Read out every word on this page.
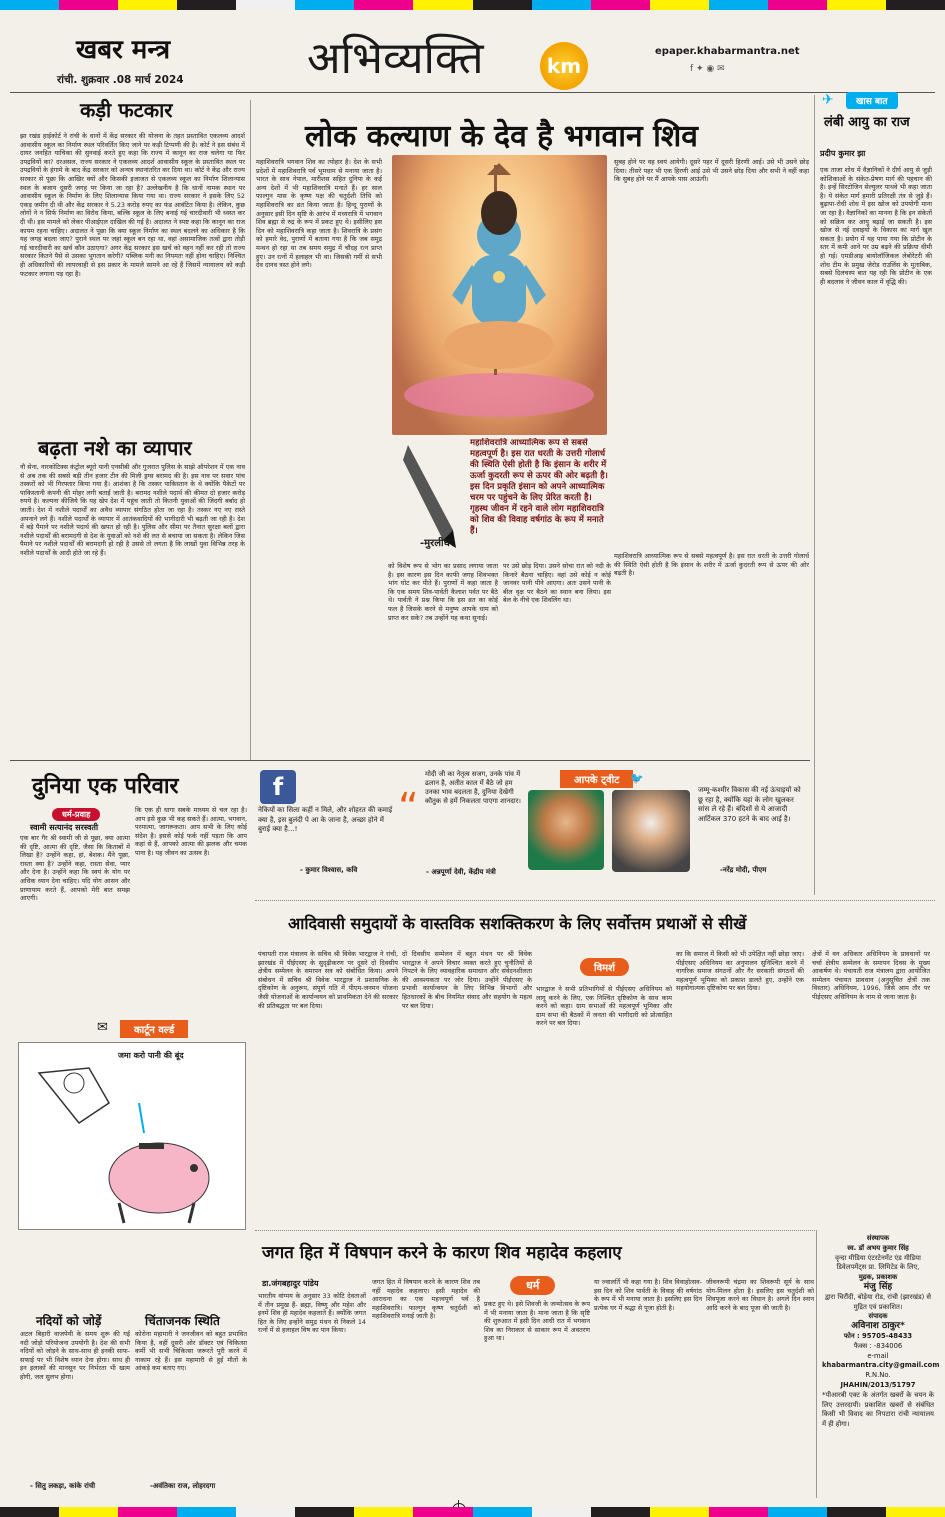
खबर मन्त्र
रांची. शुक्रवार .08 मार्च 2024	अभिव्यक्ति	km
epaper.khabarmantra.net
f ✦ ◉ ✉
कड़ी फटकार
झा रखंड हाईकोर्ट ने रांची के धानों में केंद्र सरकार की योजना के तहत प्रस्तावित एकलव्य आदर्श आवासीय स्कूल का निर्माण स्थल परिवर्तित किए जाने पर कड़ी टिप्पणी की है। कोर्ट ने इस संबंध में दायर जनहित याचिका की सुनवाई करते हुए कहा कि राज्य में कानून का राज चलेगा या फिर उपद्रवियों का? दरअसल, राज्य सरकार ने एकलव्य आदर्श आवासीय स्कूल के प्रस्तावित स्थल पर उपद्रवियों के हंगामे के बाद केंद्र सरकार को अन्यत्र स्थानांतरित कर दिया था। कोर्ट ने केंद्र और राज्य सरकार से पूछा कि आखिर क्यों और किसकी इजाजत से एकलव्य स्कूल का निर्माण शिलान्यास स्थल के बजाय दूसरी जगह पर किया जा रहा है? उल्लेखनीय है कि धानों नामक स्थान पर आवासीय स्कूल के निर्माण के लिए शिलान्यास किया गया था। राज्य सरकार ने इसके लिए 52 एकड़ जमीन दी थी और केंद्र सरकार ने 5.23 करोड़ रुपए का फंड आवंटित किया है। लेकिन, कुछ लोगों ने न सिर्फ निर्माण का विरोध किया, बल्कि स्कूल के लिए बनाई गई चारदीवारी भी ध्वस्त कर दी थी। इस मामले को लेकर पीआईएल दाखिल की गई है। अदालत ने स्पष्ट कहा कि कानून का राज कायम रहना चाहिए। अदालत ने पूछा कि क्या स्कूल निर्माण का स्थल बदलने का अधिकार है कि यह जगह बदला जाए? पुराने स्थल पर जहां स्कूल बन रहा था, वहां असामाजिक तत्वों द्वारा तोड़ी गई चारदीवारी का खर्च कौन उठाएगा? अगर केंद्र सरकार इस खर्च को वहन नहीं कर रही तो राज्य सरकार कितने पैसे से उसका भुगतान करेगी? पब्लिक मनी का नियमतः नहीं होना चाहिए। निश्चित ही अधिकारियों की लापरवाही से इस प्रकार के मामले सामने आ रहे हैं जिसमें न्यायालय को कड़ी फटकार लगाना पड़ रहा है।
बढ़ता नशे का व्यापार
नौ सेना, नारकोटिक्स कंट्रोल ब्यूरो यानी एनसीबी और गुजरात पुलिस के साझे ऑपरेशन में एक नाव से अब तक की सबसे बड़ी तीन हजार टीन की मिली ड्रग्स बरामद की है। इस नाव पर सवार पांच तस्करों को भी गिरफ्तार किया गया है। आशंका है कि तस्कर पाकिस्तान के थे क्योंकि पैकेटों पर पाकिस्तानी कंपनी की मोहर लगी बताई जाती है। बरामद नशीले पदार्थ की कीमत दो हजार करोड़ रुपये है। कल्पना कीजिये कि यह खेप देश में पहुंच जाती तो कितनी युवाओं की जिंदगी बर्बाद हो जाती। देश में नशीले पदार्थों का अवैध व्यापार संगठित होता जा रहा है। तस्कर नए नए रास्ते अपनाने लगे हैं। नशीले पदार्थों के व्यापार में आतंकवादियों की भागीदारी भी बढ़ती जा रही है। देश में बड़े पैमाने पर नशीले पदार्थ की खपत हो रही है। पुलिस और सीमा पर तैनात सुरक्षा बलों द्वारा नशीले पदार्थों की बरामदगी से देश के युवाओं को नशे की लत से बचाया जा सकता है। लेकिन जिस पैमाने पर नशीले पदार्थों की बरामदगी हो रही है उससे तो लगता है कि लाखों युवा विभिन्न तरह के नशीले पदार्थों के आदी होते जा रहे हैं।
लोक कल्याण के देव है भगवान शिव
महाशिवरात्रि भगवान शिव का त्योहार है। देश के सभी प्रदेशों में महाशिवरात्रि पर्व भूमधाम से मनाया जाता है। भारत के साथ नेपाल, मारीशस सहित दुनिया के कई अन्य देशों में भी महाशिवरात्रि मनाते हैं। हर साल फाल्गुन मास के कृष्ण पक्ष की चतुर्दशी तिथि को महाशिवरात्रि का व्रत किया जाता है। हिन्दू पुराणों के अनुसार इसी दिन सृष्टि के आरंभ में मध्यरात्रि में भगवान शिव ब्रह्मा से रुद्र के रूप में प्रकट हुए थे। इसीलिए इस दिन को महाशिवरात्रि कहा जाता है। शिवरात्रि के प्रसंग को हमारे वेद, पुराणों में बताया गया है कि जब समुद्र मन्थन हो रहा था तब समय समुद्र में चौदह रत्न प्राप्त हुए। उन रत्नों में हलाहल भी था। जिसकी गर्मी से सभी देव दानव त्रस्त होने लगे।
सुबह होने पर वह स्वयं आयेगी। दूसरे पहर में दूसरी हिरणी आई। उसे भी उसने छोड़ दिया। तीसरे पहर भी एक हिरणी आई उसे भी उसने छोड़ दिया और सभी ने वहीं कहा कि सुबह होने पर मैं आपके पास आऊंगी।
महाशिवरात्रि आध्यात्मिक रूप से सबसे महत्वपूर्ण है। इस रात धरती के उत्तरी गोलार्ध की स्थिति ऐसी होती है कि इंसान के शरीर में ऊर्जा कुदरती रूप से ऊपर की ओर बढ़ती है।
महाशिवरात्रि आध्यात्मिक रूप से सबसे महत्वपूर्ण है। इस रात धरती के उत्तरी गोलार्ध की स्थिति ऐसी होती है कि इंसान के शरीर में ऊर्जा कुदरती रूप से ऊपर की ओर बढ़ती है। इस दिन प्रकृति इंसान को अपने आध्यात्मिक चरम पर पहुंचने के लिए प्रेरित करती है। गृहस्थ जीवन में रहने वाले लोग महाशिवरात्रि को शिव की विवाह वर्षगांठ के रूप में मनाते हैं।
-मुरलीधर
को विशेष रूप से भोग का प्रसाद लगाया जाता है। इस कारण इस दिन काफी जगह शिवभक्त भांग घोट कर पीते हैं। पुराणों में कहा जाता है कि एक समय शिव-पार्वती कैलाश पर्वत पर बैठे थे। पार्वती ने प्रश्न किया कि इस व्रत का कोई फल है जिसके करने से मनुष्य आपके धाम को प्राप्त कर सके? तब उन्होंने यह कथा सुनाई।
पर उसे छोड़ दिया। उसने सोचा रात को नदी के किनारे बैठना चाहिए। वहां उसे कोई न कोई जानवर पानी पीने आएगा। अतः उसने पानी के बील वृक्ष पर बैठने का स्थान बना लिया। इस बेल के नीचे एक शिवलिंग था।
✈	खास बात
लंबी आयु का राज
प्रदीप कुमार झा
एक ताजा शोध में वैज्ञानिकों ने दीर्घ आयु से जुड़ी कोशिकाओं के संकेत-प्रेषण मार्ग की पहचान की है। इन्हें सिरटोजिन सेल्युलर पाथवे भी कहा जाता है। ये संकेत मार्ग हमारी प्रतिरक्षी तंत्र से जुड़े हैं। बुढ़ापा-रोधी शोध में इस खोज को उपयोगी माना जा रहा है। वैज्ञानिकों का मानना है कि इन संकेतों को सक्रिय कर आयु बढ़ाई जा सकती है। इस खोज से नई दवाइयों के विकास का मार्ग खुल सकता है। प्रयोग में यह पाया गया कि प्रोटीन के स्तर में कमी आने पर उम्र बढ़ने की प्रक्रिया धीमी हो गई। एमडीआइ बायोलॉजिकल लेबोरेटरी की शोध टीम के प्रमुख जेरोड राउलिंस के मुताबिक, सबसे दिलचस्प बात यह रही कि प्रोटीन के एक ही बदलाव ने जीवन काल में वृद्धि की।
दुनिया एक परिवार
धर्म-प्रवाह
स्वामी सत्यानंद सरस्वती
एक बार गैर श्री स्वामी जी से पूछा, क्या आत्मा की दृष्टि, आत्मा की दृष्टि, जैसा कि किताबों में लिखा है? उन्होंने कहा, हां, बेशक। मैंने पूछा, रास्ता क्या है? उन्होंने कहा, रास्ता सेवा, प्यार और देना है। उन्होंने कहा कि स्वयं के योग पर अधिक ध्यान देना चाहिए। यदि योग आसन और प्राणायाम करते हैं, आपको मेरी बात समझ आएगी।
कि एक ही धागा सबके माध्यम से चल रहा है। आप इसे कुछ भी कह सकते हैं। आत्मा, भगवान, परमात्मा, जागरूकता। आप सभी के लिए कोई संदेश है। इससे कोई फर्क नहीं पड़ता कि आप कहां से हैं, आपको आत्मा की झलक और चमक पाना है। यह जीवन का उत्सव है।
f
नेकियों का सिला कहीं न मिले, और शोहरत की कमाई क्या है, इस बुलंदी पे आ के जाना है, अच्छा होने में बुराई क्या है...!
- कुमार विश्वास, कवि
“
मोदी जी का नेतृत्व सजग, उनके पांव में ढलान है, अतीत काल में बैठे जो हम उनका भाव बदलता है, दुनिया देखेगी कौतुक से हमें निकलता पाएगा शानदार।
- अन्नपूर्णा देवी, केंद्रीय मंत्री
आपके ट्वीट
जम्मू-कश्मीर विकास की नई ऊंचाइयों को छू रहा है, क्योंकि यहां के लोग खुलकर सांस ले रहे हैं। बंदिशों से ये आजादी आर्टिकल 370 हटने के बाद आई है।
-नरेंद्र मोदी, पीएम
🐦
आदिवासी समुदायों के वास्तविक सशक्तिकरण के लिए सर्वोत्तम प्रथाओं से सीखें
पंचायती राज मंत्रालय के सचिव श्री विवेक भारद्वाज ने रांची, झारखंड में पीईएसए के सुदृढ़ीकरण पर दूसरे दो दिवसीय क्षेत्रीय सम्मेलन के समापन सत्र को संबोधित किया। अपने संबोधन में सचिव श्री विवेक भारद्वाज ने प्रशासनिक के दृष्टिकोण के अनुरूप, संपूर्ण गति में पीएम-जनमन योजना जैसी योजनाओं के कार्यान्वयन को प्राथमिकता देने की सरकार की प्रतिबद्धता पर बल दिया।
दो दिवसीय सम्मेलन में बहुत मंथन पर श्री विवेक भारद्वाज ने अपने विचार व्यक्त करते हुए चुनौतियों से निपटने के लिए व्यावहारिक समाधान और संवेदनशीलता की आवश्यकता पर जोर दिया। उन्होंने पीईएसए के प्रभावी कार्यान्वयन के लिए विभिन्न विभागों और हितधारकों के बीच नियमित संवाद और सहयोग के महत्व पर बल दिया।
विमर्श
भारद्वाज ने सभी प्रतिभागियों से पीईएसए अधिनियम को लागू करने के लिए, एक निश्चित दृष्टिकोण के साथ काम करने को कहा। ग्राम सभाओं की महत्वपूर्ण भूमिका और ग्राम सभा की बैठकों में जनता की भागीदारी को प्रोत्साहित करने पर बल दिया।
का कि समाज में किसी को भी उपेक्षित नहीं छोड़ा जाए। पीईएसए अधिनियम का अनुपालन सुनिश्चित करने में नागरिक समाज संगठनों और गैर सरकारी संगठनों की महत्वपूर्ण भूमिका को प्रकाश डालते हुए, उन्होंने एक सहयोगात्मक दृष्टिकोण पर बल दिया।
क्षेत्रों में वन अधिकार अधिनियम के प्रावधानों पर चर्चा क्षेत्रीय सम्मेलन के समापन दिवस के मुख्य आकर्षण थे। पंचायती राज मंत्रालय द्वारा आयोजित सम्मेलन पंचायत प्रावधान (अनुसूचित क्षेत्रों तक विस्तार) अधिनियम, 1996, जिसे आम तौर पर पीईएसए अधिनियम के नाम से जाना जाता है।
कार्टून वर्ल्ड
✉
जमा करो पानी की बूंद
नदियों को जोड़ें
अटल बिहारी वाजपेयी के समय शुरू की गई नदी जोड़ो परियोजना उपयोगी है। देश की सभी नदियों को जोड़ने के साथ-साथ ही इनकी साफ-सफाई पर भी विशेष ध्यान देना होगा। साथ ही इन इलाकों की मानसून पर निर्भरता भी खत्म होगी, जल सुलभ होगा।
- सितु लकड़ा, कांके रांची
चिंताजनक स्थिति
कोरोना महामारी ने जनजीवन को बहुत प्रभावित किया है, वहीं दुसरी ओर डॉक्टर एवं चिकित्सा कर्मी भी सभी चिकित्सा जरूरतें पूरी करने में नाकाम रहे हैं। इस महामारी से हुई मौतों के आंकड़े कम बताए गए।
-अवंतिका राज, लोहरदगा
जगत हित में विषपान करने के कारण शिव महादेव कहलाए
डा.जंगबहादुर पांडेय
भारतीय वांग्मय के अनुसार 33 कोटि देवताओं में तीन प्रमुख हैं- ब्रह्मा, विष्णु और महेश और इनमें शिव ही महादेव कहलाते हैं। क्योंकि जगत हित के लिए इन्होंने समुद्र मंथन से निकले 14 रत्नों में से हलाहल विष का पान किया।
जगत हित में विषपान करने के कारण शिव तब नहीं महादेव कहलाए। इसी महादेव की आराधना का एक महत्त्वपूर्ण पर्व है महाशिवरात्रि। फाल्गुन कृष्ण चतुर्दशी को महाशिवरात्रि मनाई जाती है।
धर्म
प्रकट हुए थे। इसे शिवजी के जन्मोत्सव के रूप में भी मनाया जाता है। माना जाता है कि सृष्टि की शुरुआत में इसी दिन आधी रात में भगवान शिव का निराकार से साकार रूप में अवतरण हुआ था।
या ज्वालर्ति भी कहा गया है। शिव विवाहोत्सव- इस दिन को शिव पार्वती के विवाह की वर्षगांठ के रूप में भी मनाया जाता है। इसलिए इस दिन प्रत्येक घर में श्रद्धा से पूजा होती है।
जीवनरूपी चंद्रमा का शिवरूपी सूर्य के साथ योग-मिलन होता है। इसलिए इस चतुर्दशी को शिवपूजा करने का विधान है। अगले दिन स्नान आदि करने के बाद पूजा की जाती है।
संस्थापक
स्व. डॉ अभय कुमार सिंह
वृन्दा मीडिया एंटरटेनमेंट एंड मीडिया डिवेलपमेंट्स प्रा. लिमिटेड के लिए,
मुद्रक, प्रकाशक
मंजु सिंह
द्वारा चिरौंदी, बोड़ेया रोड, रांची (झारखंड) से मुद्रित एवं प्रकाशित।
संपादक
अविनाश ठाकुर*
फोन : 95705-48433
फैक्स : -834006
e-mail
khabarmantra.city@gmail.com
R.N.No.
JHAHIN/2013/51797
*पीआरबी एक्ट के अंतर्गत खबरों के चयन के लिए उत्तरदायी। प्रकाशित खबरों से संबंधित किसी भी विवाद का निपटारा रांची न्यायालय में ही होगा।
